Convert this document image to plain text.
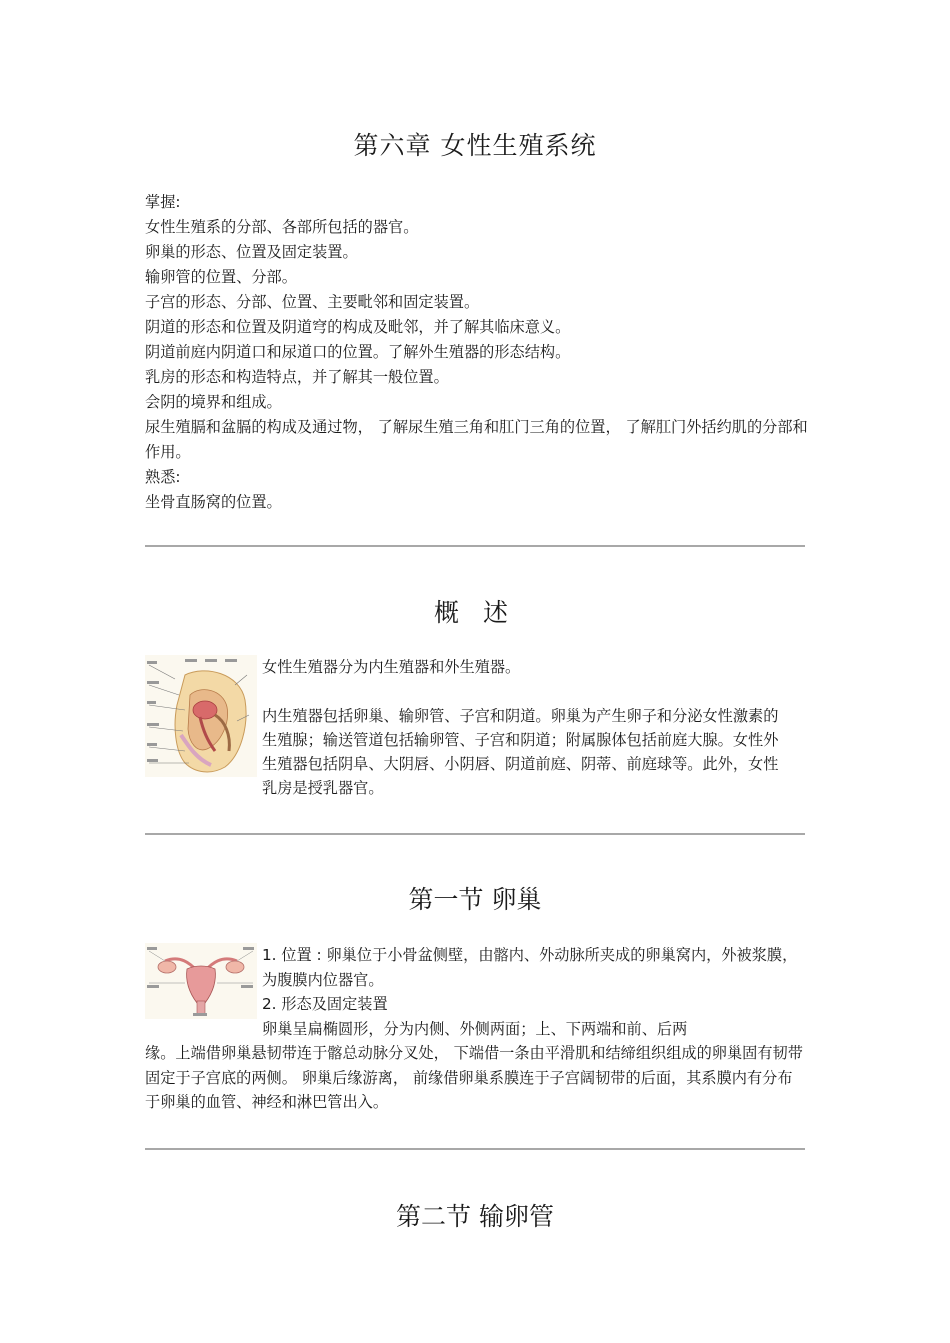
第六章 女性生殖系统
掌握:
女性生殖系的分部、各部所包括的器官。
卵巢的形态、位置及固定装置。
输卵管的位置、分部。
子宫的形态、分部、位置、主要毗邻和固定装置。
阴道的形态和位置及阴道穹的构成及毗邻，并了解其临床意义。
阴道前庭内阴道口和尿道口的位置。了解外生殖器的形态结构。
乳房的形态和构造特点，并了解其一般位置。
会阴的境界和组成。
尿生殖膈和盆膈的构成及通过物， 了解尿生殖三角和肛门三角的位置， 了解肛门外括约肌的分部和作用。
熟悉:
坐骨直肠窝的位置。
概 述
女性生殖器分为内生殖器和外生殖器。
内生殖器包括卵巢、输卵管、子宫和阴道。卵巢为产生卵子和分泌女性激素的生殖腺；输送管道包括输卵管、子宫和阴道；附属腺体包括前庭大腺。女性外生殖器包括阴阜、大阴唇、小阴唇、阴道前庭、阴蒂、前庭球等。此外，女性乳房是授乳器官。
第一节 卵巢
1. 位置 : 卵巢位于小骨盆侧壁，由髂内、外动脉所夹成的卵巢窝内，外被浆膜，为腹膜内位器官。
2. 形态及固定装置
卵巢呈扁椭圆形，分为内侧、外侧两面；上、下两端和前、后两
缘。上端借卵巢悬韧带连于髂总动脉分叉处， 下端借一条由平滑肌和结缔组织组成的卵巢固有韧带固定于子宫底的两侧。 卵巢后缘游离， 前缘借卵巢系膜连于子宫阔韧带的后面，其系膜内有分布于卵巢的血管、神经和淋巴管出入。
第二节 输卵管
